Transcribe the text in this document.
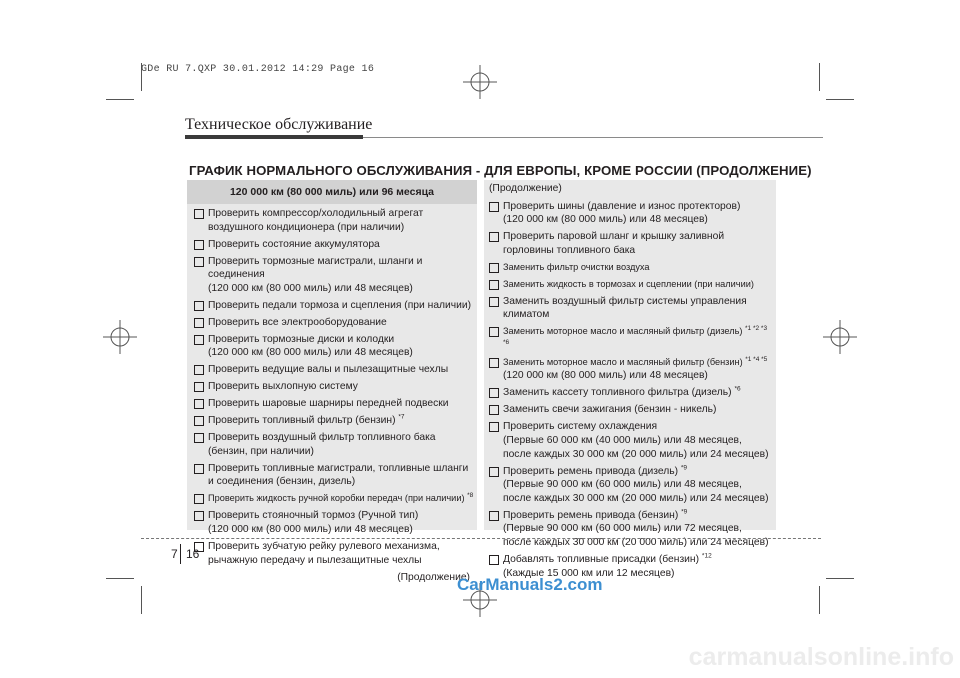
GDe RU 7.QXP 30.01.2012 14:29 Page 16
Техническое обслуживание
ГРАФИК НОРМАЛЬНОГО ОБСЛУЖИВАНИЯ - ДЛЯ ЕВРОПЫ, КРОМЕ РОССИИ (ПРОДОЛЖЕНИЕ)
120 000 км (80 000 миль) или 96 месяца
Проверить компрессор/холодильный агрегат
воздушного кондиционера (при наличии)
Проверить состояние аккумулятора
Проверить тормозные магистрали, шланги и соединения
(120 000 км (80 000 миль) или 48 месяцев)
Проверить педали тормоза и сцепления (при наличии)
Проверить все электрооборудование
Проверить тормозные диски и колодки
(120 000 км (80 000 миль) или 48 месяцев)
Проверить ведущие валы и пылезащитные чехлы
Проверить выхлопную систему
Проверить шаровые шарниры передней подвески
Проверить топливный фильтр (бензин) $^{*7}$
Проверить воздушный фильтр топливного бака
(бензин, при наличии)
Проверить топливные магистрали, топливные шланги
и соединения (бензин, дизель)
Проверить жидкость ручной коробки передач (при наличии) $^{*8}$
Проверить стояночный тормоз (Ручной тип)
(120 000 км (80 000 миль) или 48 месяцев)
Проверить зубчатую рейку рулевого механизма,
рычажную передачу и пылезащитные чехлы
(Продолжение)
(Продолжение)
Проверить шины (давление и износ протекторов)
(120 000 км (80 000 миль) или 48 месяцев)
Проверить паровой шланг и крышку заливной
горловины топливного бака
Заменить фильтр очистки воздуха
Заменить жидкость в тормозах и сцеплении (при наличии)
Заменить воздушный фильтр системы управления
климатом
Заменить моторное масло и масляный фильтр (дизель) $^{*1 *2 *3 *6}$
Заменить моторное масло и масляный фильтр (бензин) $^{*1 *4 *5}$
(120 000 км (80 000 миль) или 48 месяцев)
Заменить кассету топливного фильтра (дизель) $^{*6}$
Заменить свечи зажигания (бензин - никель)
Проверить систему охлаждения
(Первые 60 000 км (40 000 миль) или 48 месяцев,
после каждых 30 000 км (20 000 миль) или 24 месяцев)
Проверить ремень привода (дизель) $^{*9}$
(Первые 90 000 км (60 000 миль) или 48 месяцев,
после каждых 30 000 км (20 000 миль) или 24 месяцев)
Проверить ремень привода (бензин) $^{*9}$
(Первые 90 000 км (60 000 миль) или 72 месяцев,
после каждых 30 000 км (20 000 миль) или 24 месяцев)
Добавлять топливные присадки (бензин) $^{*12}$
(Каждые 15 000 км или 12 месяцев)
7 16
CarManuals2.com
carmanualsonline.info
